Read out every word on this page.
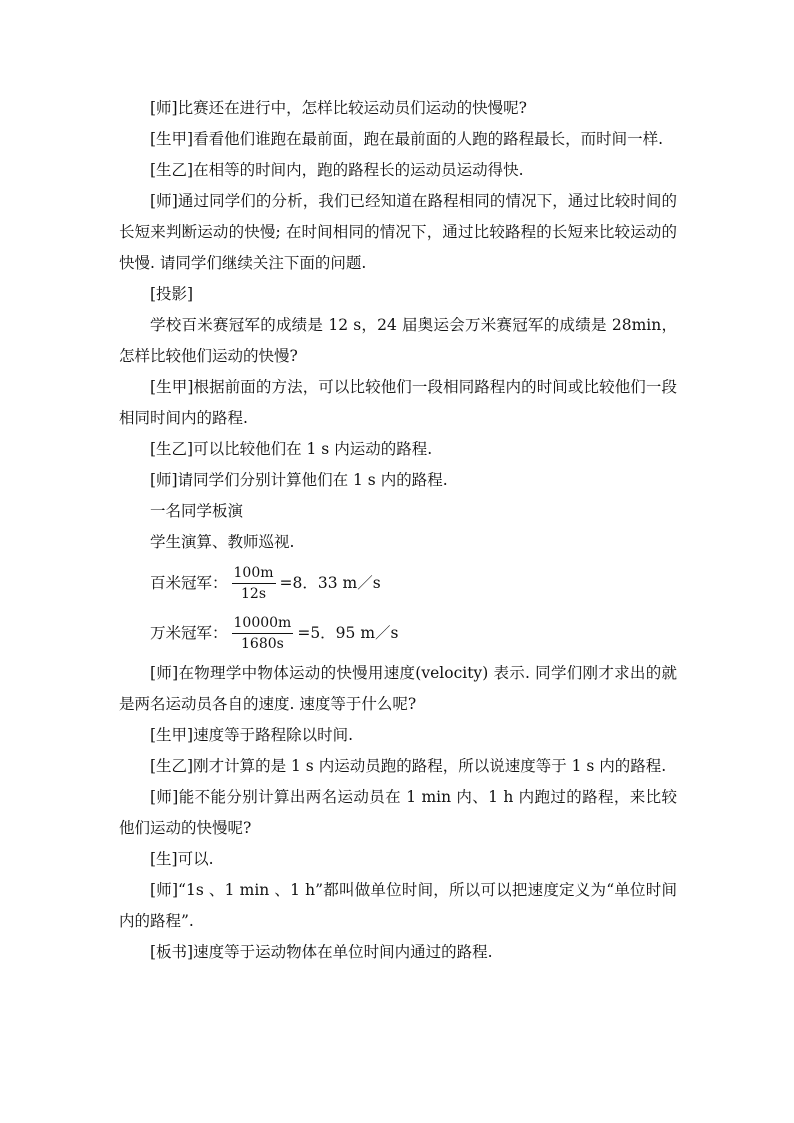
[师]比赛还在进行中，怎样比较运动员们运动的快慢呢?

[生甲]看看他们谁跑在最前面，跑在最前面的人跑的路程最长，而时间一样.

[生乙]在相等的时间内，跑的路程长的运动员运动得快.

[师]通过同学们的分析，我们已经知道在路程相同的情况下，通过比较时间的长短来判断运动的快慢; 在时间相同的情况下，通过比较路程的长短来比较运动的快慢. 请同学们继续关注下面的问题.

[投影]

学校百米赛冠军的成绩是 12 s，24 届奥运会万米赛冠军的成绩是 28min，怎样比较他们运动的快慢?

[生甲]根据前面的方法，可以比较他们一段相同路程内的时间或比较他们一段相同时间内的路程.

[生乙]可以比较他们在 1 s 内运动的路程.

[师]请同学们分别计算他们在 1 s 内的路程.

一名同学板演

学生演算、教师巡视.

百米冠军： $\frac{100m}{12s} =8$．33 m／s
万米冠军： $\frac{10000m}{1680s} =5$．95 m／s

[师]在物理学中物体运动的快慢用速度(velocity) 表示. 同学们刚才求出的就是两名运动员各自的速度. 速度等于什么呢?

[生甲]速度等于路程除以时间.

[生乙]刚才计算的是 1 s 内运动员跑的路程，所以说速度等于 1 s 内的路程.

[师]能不能分别计算出两名运动员在 1 min 内、1 h 内跑过的路程，来比较他们运动的快慢呢?

[生]可以.

[师]“1s 、1 min 、1 h”都叫做单位时间，所以可以把速度定义为“单位时间内的路程”.

[板书]速度等于运动物体在单位时间内通过的路程.
